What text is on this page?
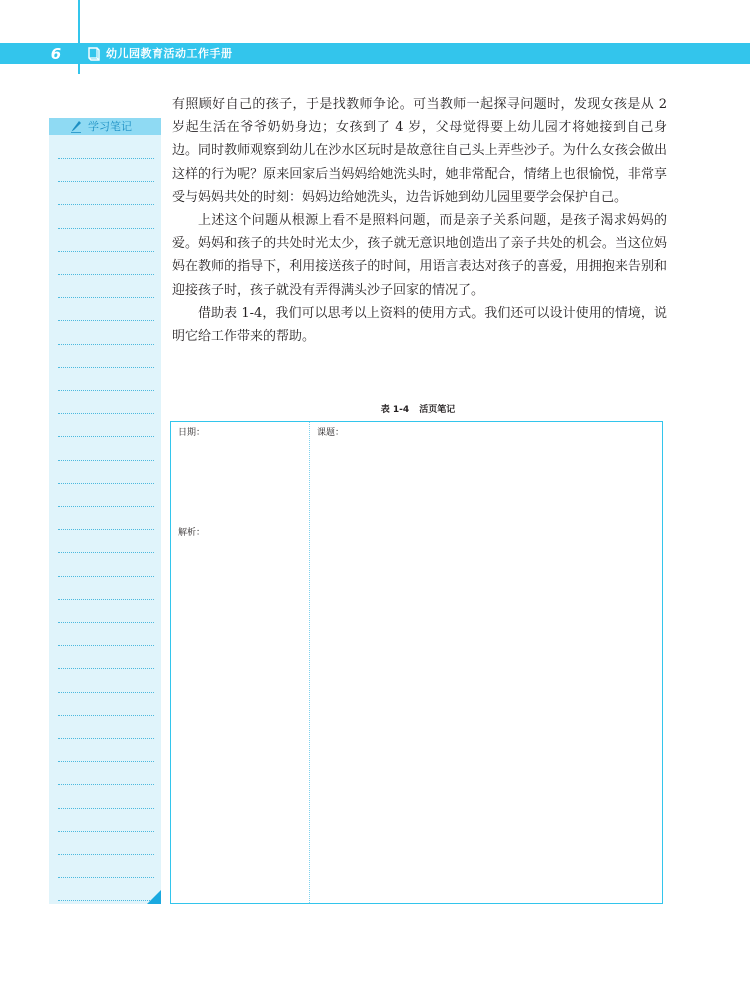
6	幼儿园教育活动工作手册
学习笔记

有照顾好自己的孩子，于是找教师争论。可当教师一起探寻问题时，发现女孩是从 2 岁起生活在爷爷奶奶身边；女孩到了 4 岁，父母觉得要上幼儿园才将她接到自己身边。同时教师观察到幼儿在沙水区玩时是故意往自己头上弄些沙子。为什么女孩会做出这样的行为呢？原来回家后当妈妈给她洗头时，她非常配合，情绪上也很愉悦，非常享受与妈妈共处的时刻：妈妈边给她洗头，边告诉她到幼儿园里要学会保护自己。

上述这个问题从根源上看不是照料问题，而是亲子关系问题，是孩子渴求妈妈的爱。妈妈和孩子的共处时光太少，孩子就无意识地创造出了亲子共处的机会。当这位妈妈在教师的指导下，利用接送孩子的时间，用语言表达对孩子的喜爱，用拥抱来告别和迎接孩子时，孩子就没有弄得满头沙子回家的情况了。

借助表 1-4，我们可以思考以上资料的使用方式。我们还可以设计使用的情境，说明它给工作带来的帮助。

表 1-4 活页笔记
日期：	课题：
解析：
